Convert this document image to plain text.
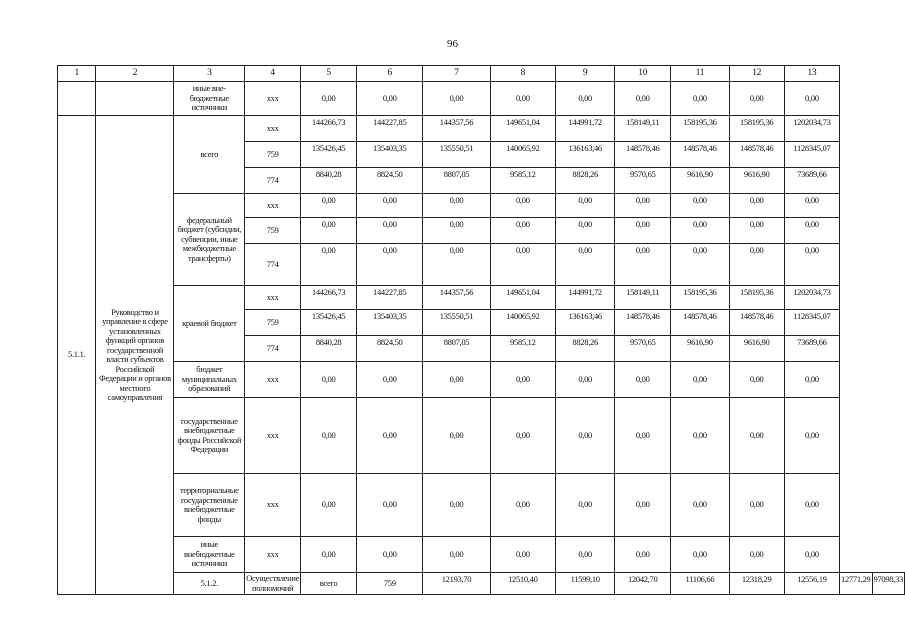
96
1	2	3	4	5	6	7	8	9	10	11	12	13		
		иные вне-бюджетные источники	xxx	0,00	0,00	0,00	0,00	0,00	0,00	0,00	0,00	0,00		
5.1.1.	Руководство и управление в сфере установленных функций органов государственной власти субъектов Российской Федерации и органов местного самоуправления	всего	xxx	144266,73	144227,85	144357,56	149651,04	144991,72	158149,11	158195,36	158195,36	1202034,73		
			759	135426,45	135403,35	135550,51	140065,92	136163,46	148578,46	148578,46	148578,46	1128345,07		
			774	8840,28	8824,50	8807,05	9585,12	8828,26	9570,65	9616,90	9616,90	73689,66		
		федеральный бюджет (субсидии, субвенции, иные межбюджетные трансферты)	xxx	0,00	0,00	0,00	0,00	0,00	0,00	0,00	0,00	0,00		
			759	0,00	0,00	0,00	0,00	0,00	0,00	0,00	0,00	0,00		
			774	0,00	0,00	0,00	0,00	0,00	0,00	0,00	0,00	0,00		
		краевой бюджет	xxx	144266,73	144227,85	144357,56	149651,04	144991,72	158149,11	158195,36	158195,36	1202034,73		
			759	135426,45	135403,35	135550,51	140065,92	136163,46	148578,46	148578,46	148578,46	1128345,07		
			774	8840,28	8824,50	8807,05	9585,12	8828,26	9570,65	9616,90	9616,90	73689,66		
		бюджет муниципальных образований	xxx	0,00	0,00	0,00	0,00	0,00	0,00	0,00	0,00	0,00		
		государственные внебюджетные фонды Российской Федерации	xxx	0,00	0,00	0,00	0,00	0,00	0,00	0,00	0,00	0,00		
		территориальные государственные внебюджетные фонды	xxx	0,00	0,00	0,00	0,00	0,00	0,00	0,00	0,00	0,00		
		иные внебюджетные источники	xxx	0,00	0,00	0,00	0,00	0,00	0,00	0,00	0,00	0,00		
		5.1.2.	Осуществление полномочий	всего	759	12193,70	12510,40	11599,10	12042,70	11106,66	12318,29	12556,19	12771,29	97098,33
